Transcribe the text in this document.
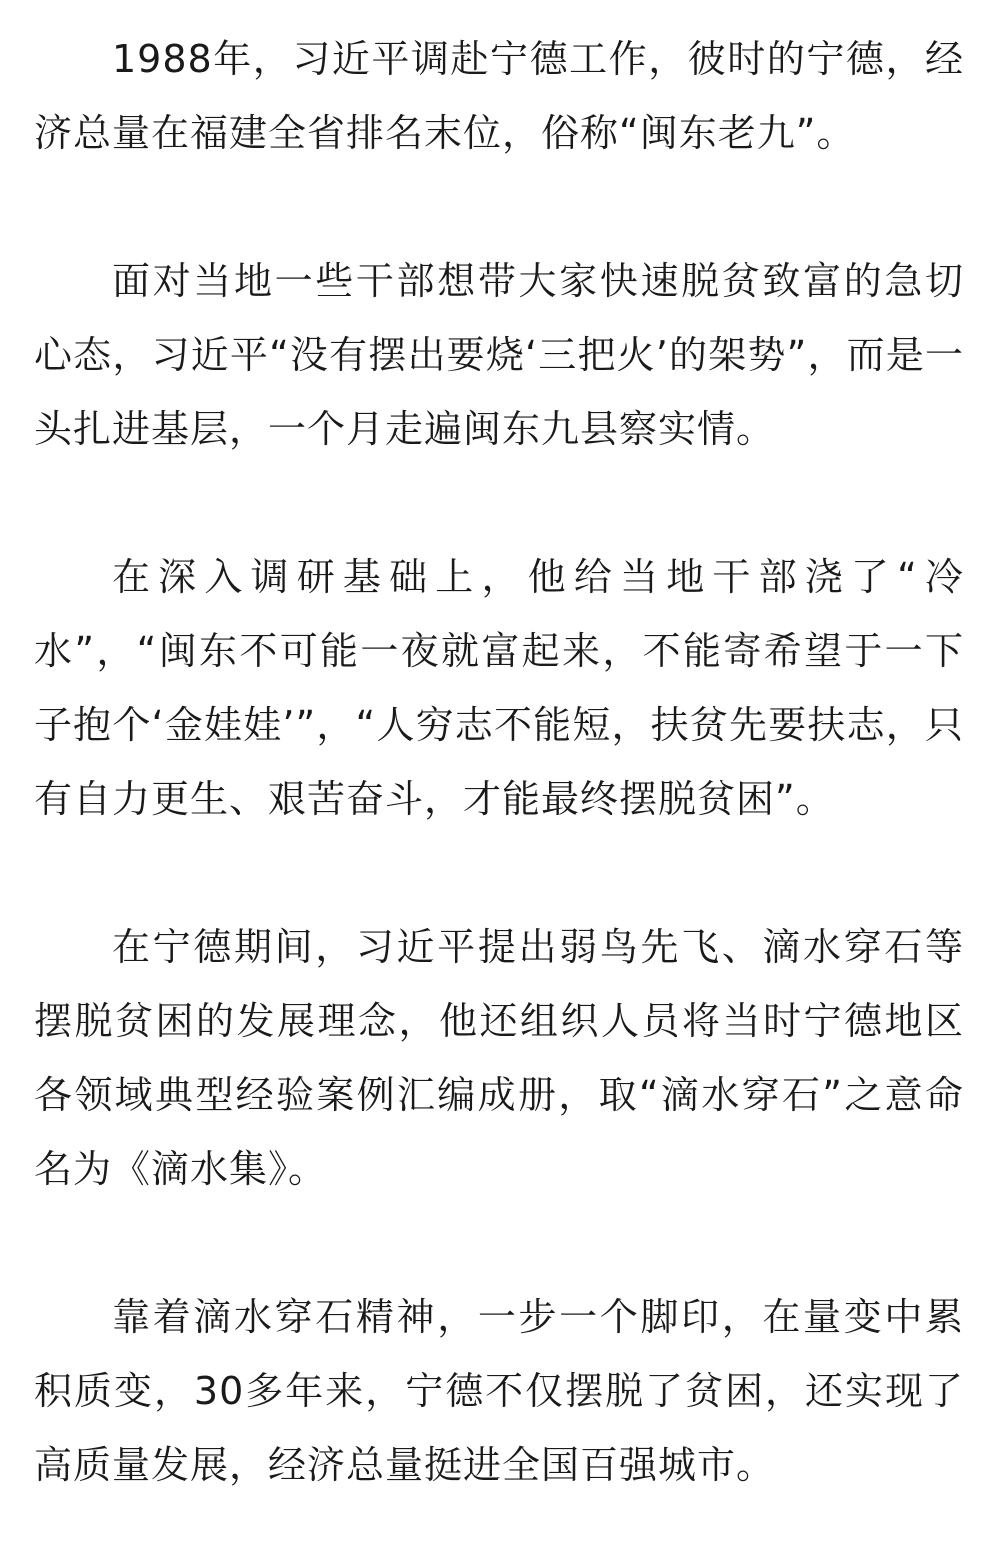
1988年，习近平调赴宁德工作，彼时的宁德，经济总量在福建全省排名末位，俗称“闽东老九”。

面对当地一些干部想带大家快速脱贫致富的急切心态，习近平“没有摆出要烧‘三把火’的架势”，而是一头扎进基层，一个月走遍闽东九县察实情。

在深入调研基础上，他给当地干部浇了“冷水”，“闽东不可能一夜就富起来，不能寄希望于一下子抱个‘金娃娃’”，“人穷志不能短，扶贫先要扶志，只有自力更生、艰苦奋斗，才能最终摆脱贫困”。

在宁德期间，习近平提出弱鸟先飞、滴水穿石等摆脱贫困的发展理念，他还组织人员将当时宁德地区各领域典型经验案例汇编成册，取“滴水穿石”之意命名为《滴水集》。

靠着滴水穿石精神，一步一个脚印，在量变中累积质变，30多年来，宁德不仅摆脱了贫困，还实现了高质量发展，经济总量挺进全国百强城市。
